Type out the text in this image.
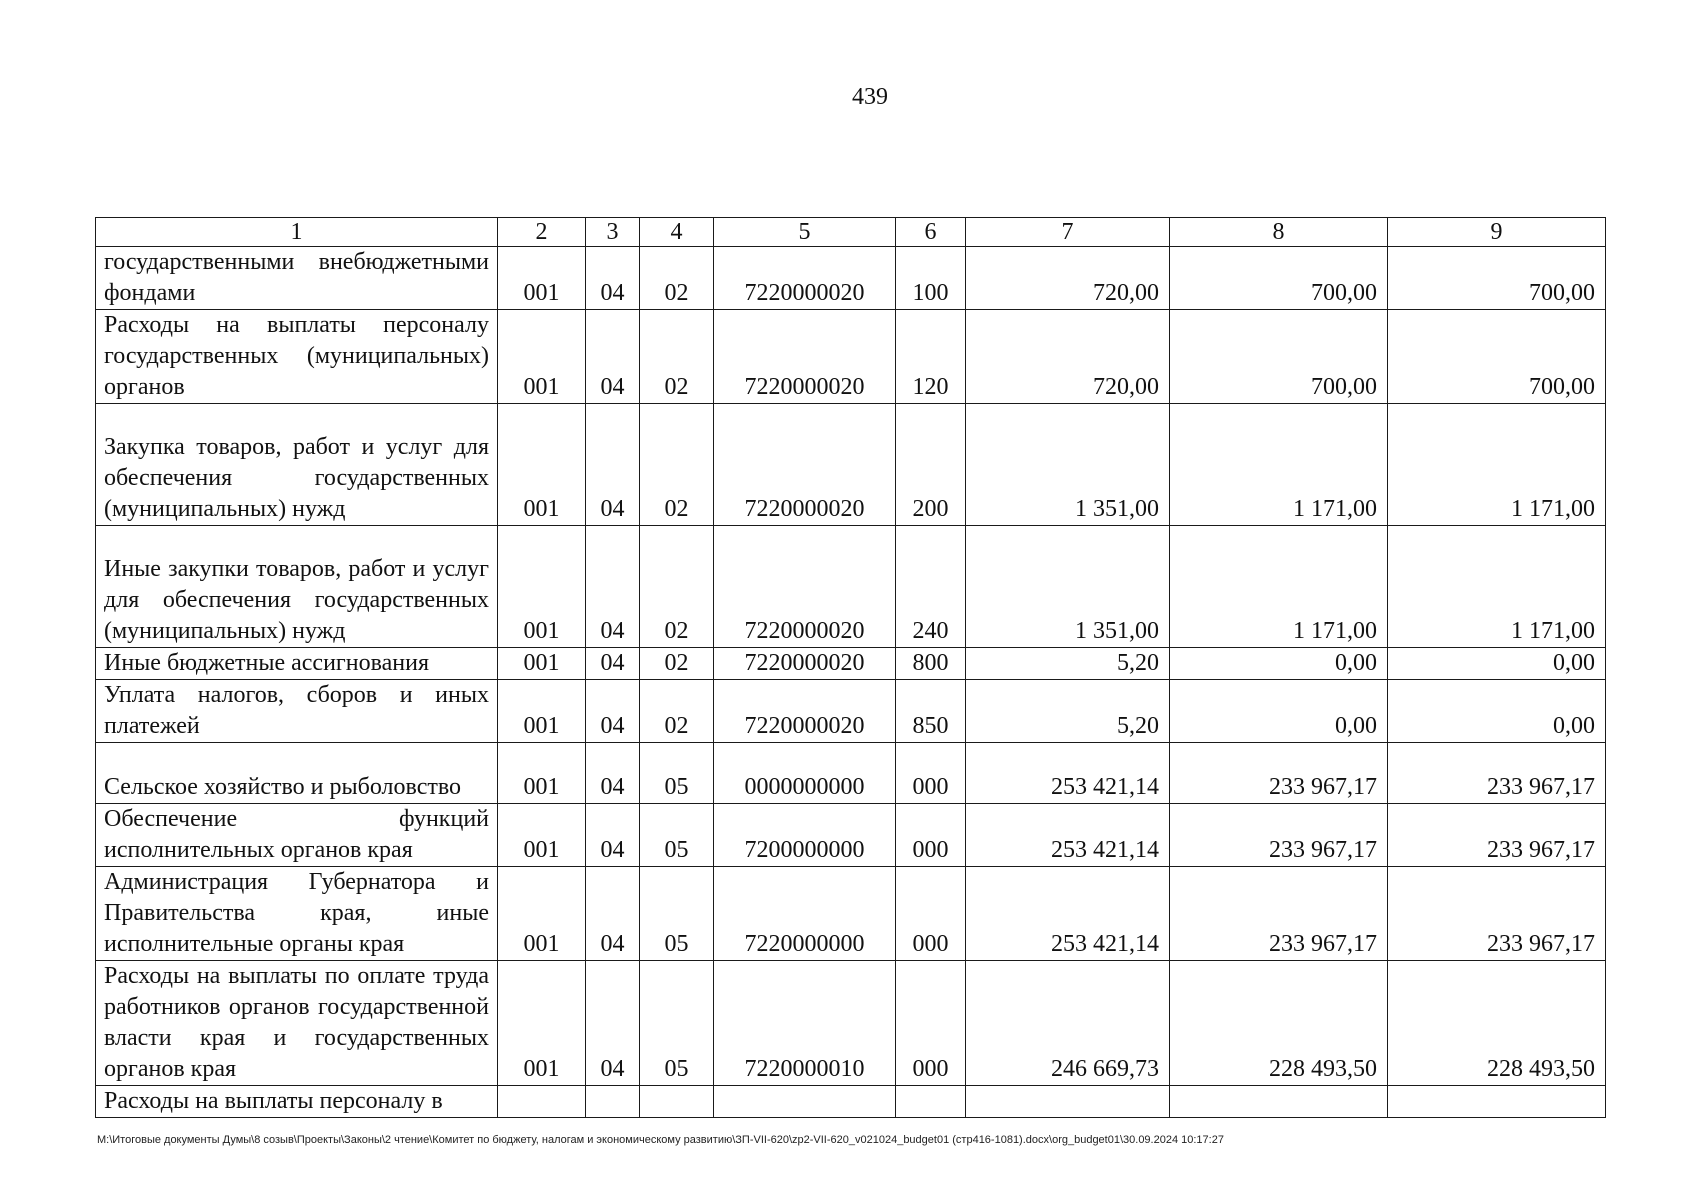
439
1	2	3	4	5	6	7	8	9
государственными внебюджетными фондами	001	04	02	7220000020	100	720,00	700,00	700,00
Расходы на выплаты персоналу государственных (муниципальных) органов	001	04	02	7220000020	120	720,00	700,00	700,00
Закупка товаров, работ и услуг для обеспечения государственных (муниципальных) нужд	001	04	02	7220000020	200	1 351,00	1 171,00	1 171,00
Иные закупки товаров, работ и услуг для обеспечения государственных (муниципальных) нужд	001	04	02	7220000020	240	1 351,00	1 171,00	1 171,00
Иные бюджетные ассигнования	001	04	02	7220000020	800	5,20	0,00	0,00
Уплата налогов, сборов и иных платежей	001	04	02	7220000020	850	5,20	0,00	0,00
Сельское хозяйство и рыболовство	001	04	05	0000000000	000	253 421,14	233 967,17	233 967,17
Обеспечение функций исполнительных органов края	001	04	05	7200000000	000	253 421,14	233 967,17	233 967,17
Администрация Губернатора и Правительства края, иные исполнительные органы края	001	04	05	7220000000	000	253 421,14	233 967,17	233 967,17
Расходы на выплаты по оплате труда работников органов государственной власти края и государственных органов края	001	04	05	7220000010	000	246 669,73	228 493,50	228 493,50
Расходы на выплаты персоналу в								
М:\Итоговые документы Думы\8 созыв\Проекты\Законы\2 чтение\Комитет по бюджету, налогам и экономическому развитию\ЗП-VII-620\zp2-VII-620_v021024_budget01 (стр416-1081).docx\org_budget01\30.09.2024 10:17:27
